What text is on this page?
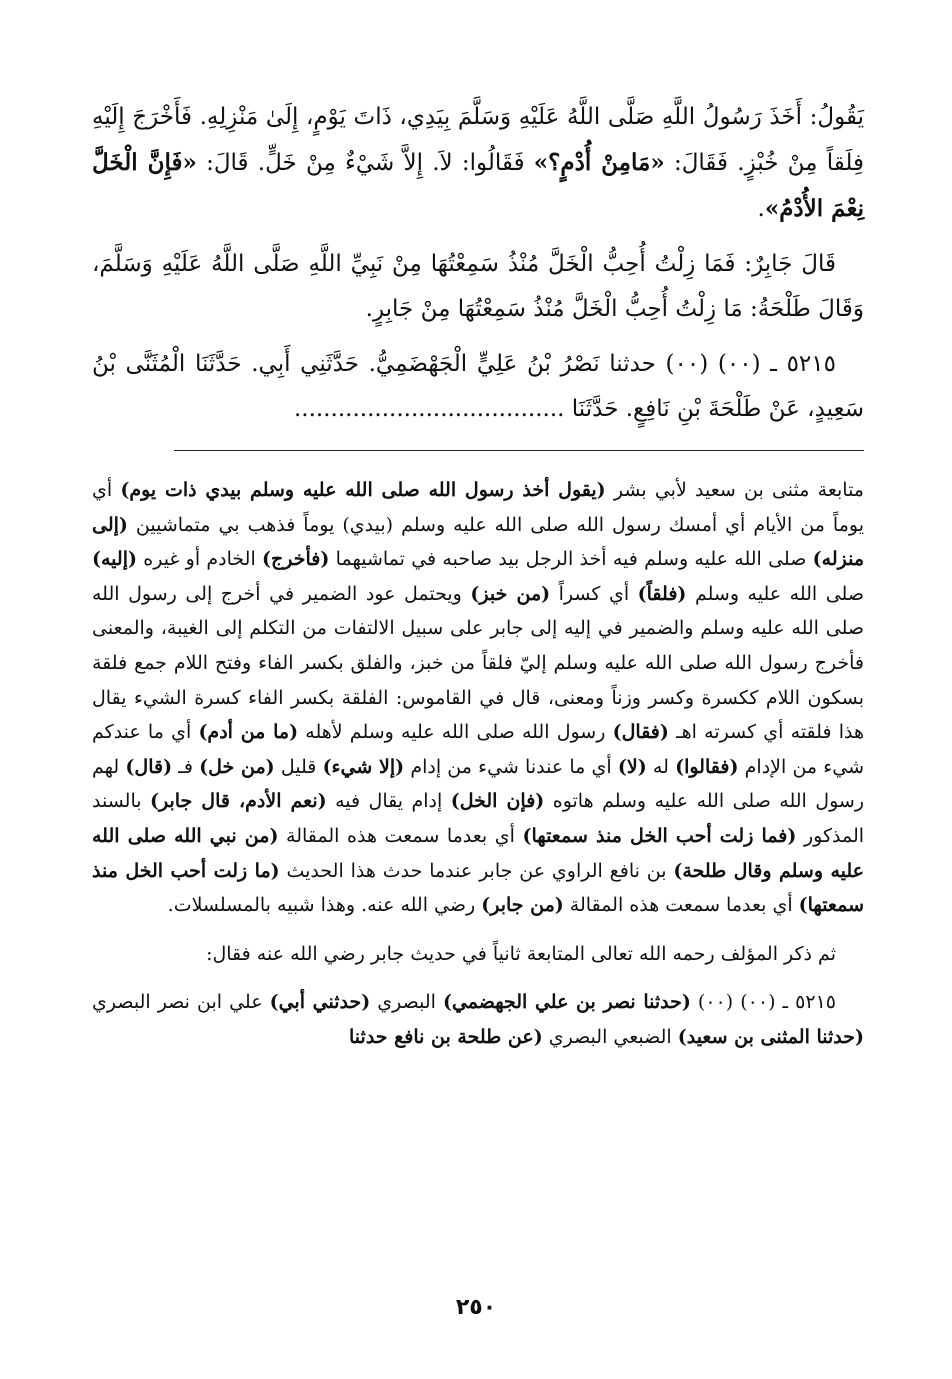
يَقُولُ: أَخَذَ رَسُولُ اللَّهِ صَلَّى اللَّهُ عَلَيْهِ وَسَلَّمَ بِيَدِي، ذَاتَ يَوْمٍ، إِلَىٰ مَنْزِلِهِ. فَأَخْرَجَ إِلَيْهِ فِلَقاً مِنْ خُبْزٍ. فَقَالَ: «مَامِنْ أُدْمٍ؟» فَقَالُوا: لاَ. إِلاَّ شَيْءٌ مِنْ خَلٍّ. قَالَ: «فَإِنَّ الْخَلَّ نِعْمَ الأُدْمُ».

قَالَ جَابِرٌ: فَمَا زِلْتُ أُحِبُّ الْخَلَّ مُنْذُ سَمِعْتُهَا مِنْ نَبِيِّ اللَّهِ صَلَّى اللَّهُ عَلَيْهِ وَسَلَّمَ، وَقَالَ طَلْحَةُ: مَا زِلْتُ أُحِبُّ الْخَلَّ مُنْذُ سَمِعْتُهَا مِنْ جَابِرٍ.

٥٢١٥ ـ (٠٠) (٠٠) حدثنا نَصْرُ بْنُ عَلِيٍّ الْجَهْضَمِيُّ. حَدَّثَنِي أَبِي. حَدَّثَنَا الْمُثَنَّى بْنُ سَعِيدٍ، عَنْ طَلْحَةَ بْنِ نَافِعٍ. حَدَّثَنَا .....................................

متابعة مثنى بن سعيد لأبي بشر (يقول أخذ رسول الله صلى الله عليه وسلم بيدي ذات يوم) أي يوماً من الأيام أي أمسك رسول الله صلى الله عليه وسلم (بيدي) يوماً فذهب بي متماشيين (إلى منزله) صلى الله عليه وسلم فيه أخذ الرجل بيد صاحبه في تماشيهما (فأخرج) الخادم أو غيره (إليه) صلى الله عليه وسلم (فلقاً) أي كسراً (من خبز) ويحتمل عود الضمير في أخرج إلى رسول الله صلى الله عليه وسلم والضمير في إليه إلى جابر على سبيل الالتفات من التكلم إلى الغيبة، والمعنى فأخرج رسول الله صلى الله عليه وسلم إليّ فلقاً من خبز، والفلق بكسر الفاء وفتح اللام جمع فلقة بسكون اللام ككسرة وكسر وزناً ومعنى، قال في القاموس: الفلقة بكسر الفاء كسرة الشيء يقال هذا فلقته أي كسرته اهـ (فقال) رسول الله صلى الله عليه وسلم لأهله (ما من أدم) أي ما عندكم شيء من الإدام (فقالوا) له (لا) أي ما عندنا شيء من إدام (إلا شيء) قليل (من خل) فـ (قال) لهم رسول الله صلى الله عليه وسلم هاتوه (فإن الخل) إدام يقال فيه (نعم الأدم، قال جابر) بالسند المذكور (فما زلت أحب الخل منذ سمعتها) أي بعدما سمعت هذه المقالة (من نبي الله صلى الله عليه وسلم وقال طلحة) بن نافع الراوي عن جابر عندما حدث هذا الحديث (ما زلت أحب الخل منذ سمعتها) أي بعدما سمعت هذه المقالة (من جابر) رضي الله عنه. وهذا شبيه بالمسلسلات.

ثم ذكر المؤلف رحمه الله تعالى المتابعة ثانياً في حديث جابر رضي الله عنه فقال:

٥٢١٥ ـ (٠٠) (٠٠) (حدثنا نصر بن علي الجهضمي) البصري (حدثني أبي) علي ابن نصر البصري (حدثنا المثنى بن سعيد) الضبعي البصري (عن طلحة بن نافع حدثنا

٢٥٠
